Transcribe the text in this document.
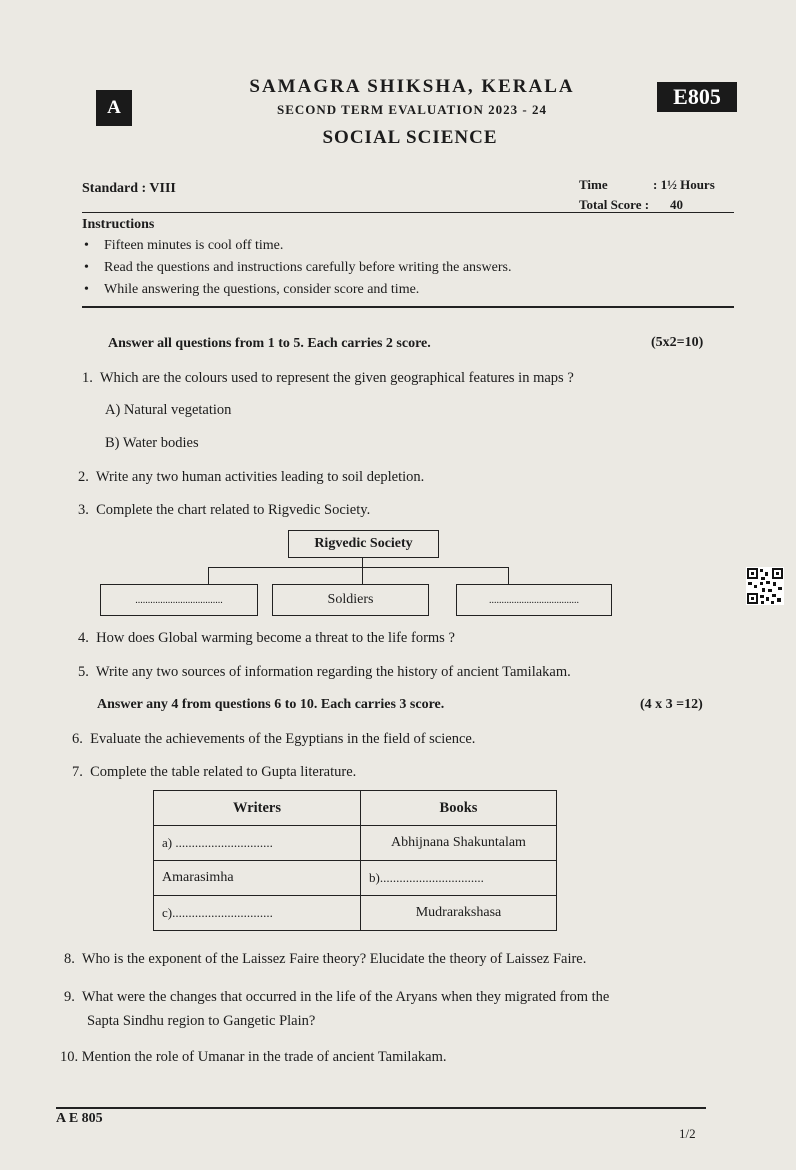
A
SAMAGRA SHIKSHA, KERALA
SECOND TERM EVALUATION 2023 - 24
SOCIAL SCIENCE
E805
Standard : VIII	Time	: 1½ Hours
Total Score : 40
Instructions
• Fifteen minutes is cool off time.
• Read the questions and instructions carefully before writing the answers.
• While answering the questions, consider score and time.
Answer all questions from 1 to 5. Each carries 2 score.	(5x2=10)
1. Which are the colours used to represent the given geographical features in maps ?
A) Natural vegetation
B) Water bodies
2. Write any two human activities leading to soil depletion.
3. Complete the chart related to Rigvedic Society.
Rigvedic Society
...................................	Soldiers	....................................
4. How does Global warming become a threat to the life forms ?
5. Write any two sources of information regarding the history of ancient Tamilakam.
Answer any 4 from questions 6 to 10. Each carries 3 score.	(4 x 3 =12)
6. Evaluate the achievements of the Egyptians in the field of science.
7. Complete the table related to Gupta literature.
Writers	Books
a) ..............................	Abhijnana Shakuntalam
Amarasimha	b)................................
c)...............................	Mudrarakshasa
8. Who is the exponent of the Laissez Faire theory? Elucidate the theory of Laissez Faire.
9. What were the changes that occurred in the life of the Aryans when they migrated from the
Sapta Sindhu region to Gangetic Plain?
10. Mention the role of Umanar in the trade of ancient Tamilakam.
A E 805
1/2
